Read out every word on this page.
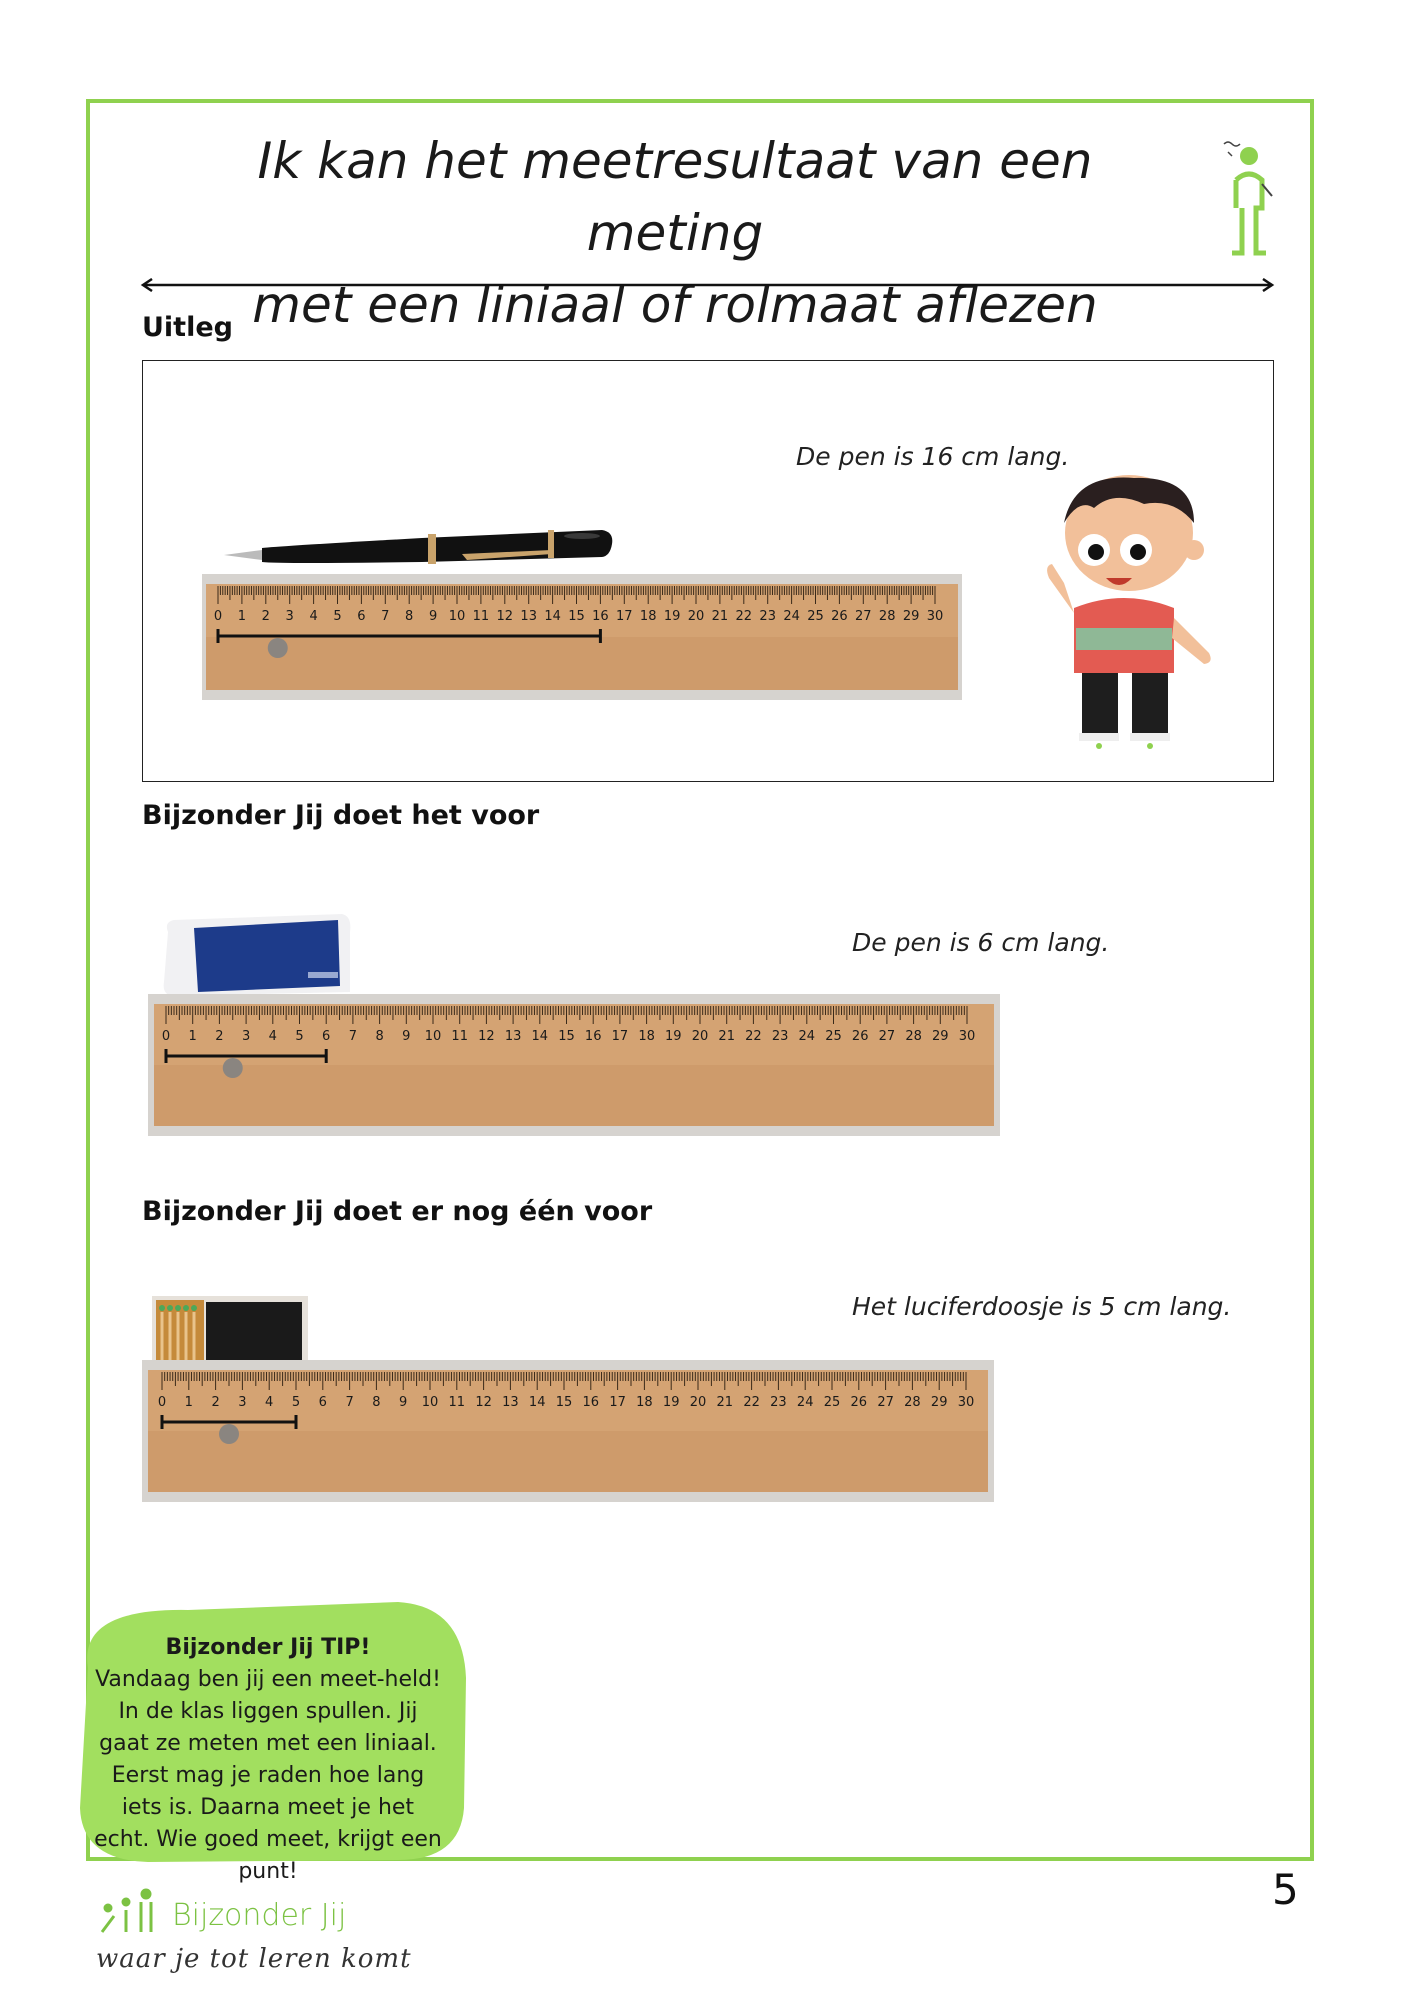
Ik kan het meetresultaat van een meting
met een liniaal of rolmaat aflezen
Uitleg
De pen is 16 cm lang.
0 1 2 3 4 5 6 7 8 9 10 11 12 13 14 15 16 17 18 19 20 21 22 23 24 25 26 27 28 29 30
Bijzonder Jij doet het voor
De pen is 6 cm lang.
0 1 2 3 4 5 6 7 8 9 10 11 12 13 14 15 16 17 18 19 20 21 22 23 24 25 26 27 28 29 30
Bijzonder Jij doet er nog één voor
Het luciferdoosje is 5 cm lang.
0 1 2 3 4 5 6 7 8 9 10 11 12 13 14 15 16 17 18 19 20 21 22 23 24 25 26 27 28 29 30
Bijzonder Jij TIP!
Vandaag ben jij een meet-held! In de klas liggen spullen. Jij gaat ze meten met een liniaal. Eerst mag je raden hoe lang iets is. Daarna meet je het echt. Wie goed meet, krijgt een punt!	5
Bijzonder Jij
waar je tot leren komt
